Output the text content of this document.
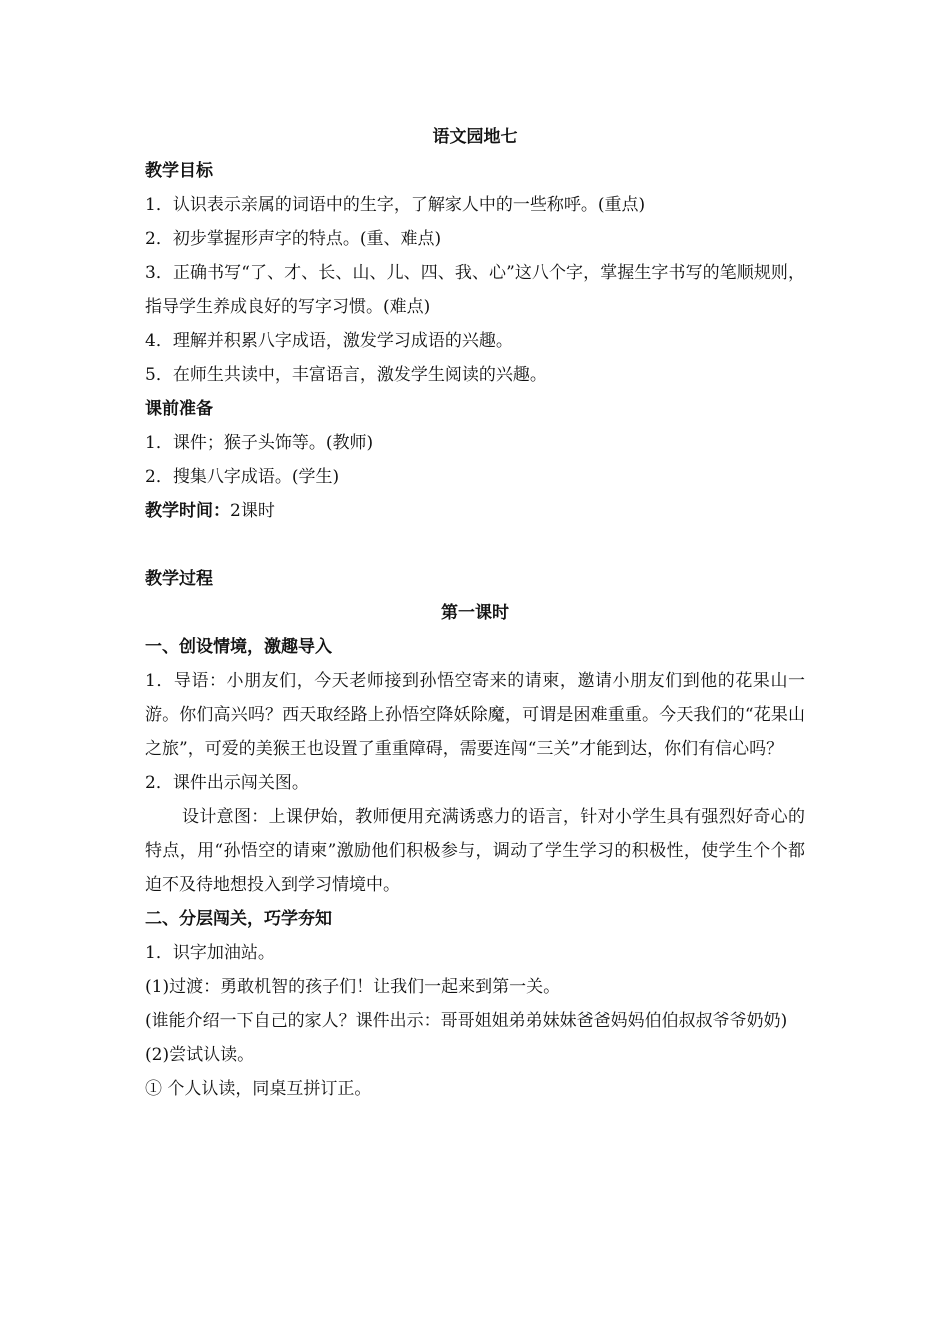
语文园地七
教学目标
1．认识表示亲属的词语中的生字，了解家人中的一些称呼。(重点)
2．初步掌握形声字的特点。(重、难点)
3．正确书写“了、才、长、山、儿、四、我、心”这八个字，掌握生字书写的笔顺规则，指导学生养成良好的写字习惯。(难点)
4．理解并积累八字成语，激发学习成语的兴趣。
5．在师生共读中，丰富语言，激发学生阅读的兴趣。
课前准备
1．课件；猴子头饰等。(教师)
2．搜集八字成语。(学生)
教学时间：2课时
教学过程
第一课时
一、创设情境，激趣导入
1．导语：小朋友们，今天老师接到孙悟空寄来的请柬，邀请小朋友们到他的花果山一游。你们高兴吗？西天取经路上孙悟空降妖除魔，可谓是困难重重。今天我们的“花果山之旅”，可爱的美猴王也设置了重重障碍，需要连闯“三关”才能到达，你们有信心吗？
2．课件出示闯关图。
设计意图：上课伊始，教师便用充满诱惑力的语言，针对小学生具有强烈好奇心的特点，用“孙悟空的请柬”激励他们积极参与，调动了学生学习的积极性，使学生个个都迫不及待地想投入到学习情境中。
二、分层闯关，巧学夯知
1．识字加油站。
(1)过渡：勇敢机智的孩子们！让我们一起来到第一关。
(谁能介绍一下自己的家人？课件出示：哥哥姐姐弟弟妹妹爸爸妈妈伯伯叔叔爷爷奶奶)
(2)尝试认读。
① 个人认读，同桌互拼订正。
